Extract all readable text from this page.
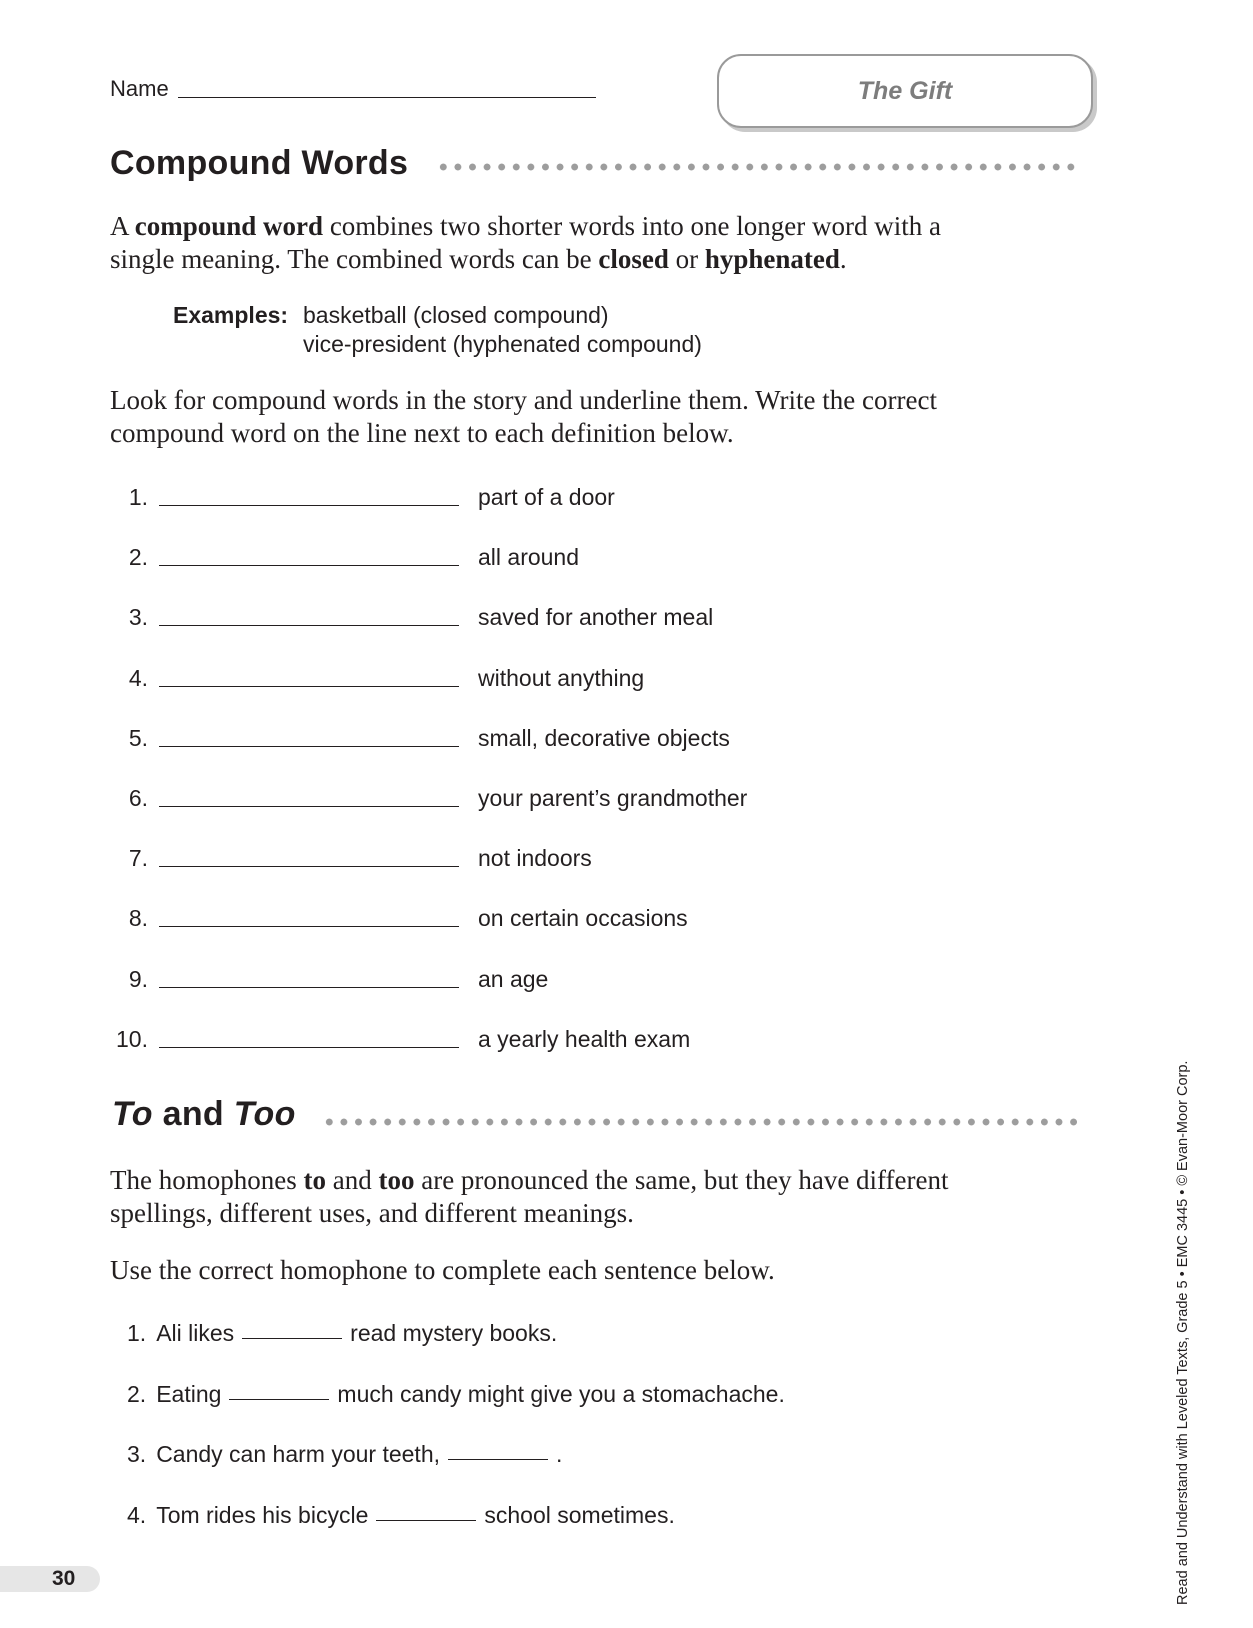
Name	The Gift
Compound Words
A compound word combines two shorter words into one longer word with a single meaning. The combined words can be closed or hyphenated.
Examples: basketball (closed compound)
vice-president (hyphenated compound)
Look for compound words in the story and underline them. Write the correct compound word on the line next to each definition below.
1.	part of a door
2.	all around
3.	saved for another meal
4.	without anything
5.	small, decorative objects
6.	your parent’s grandmother
7.	not indoors
8.	on certain occasions
9.	an age
10.	a yearly health exam
To and Too
The homophones to and too are pronounced the same, but they have different spellings, different uses, and different meanings.
Use the correct homophone to complete each sentence below.
1. Ali likes	read mystery books.
2. Eating	much candy might give you a stomachache.
3. Candy can harm your teeth,	.
4. Tom rides his bicycle	school sometimes.
30	Read and Understand with Leveled Texts, Grade 5 • EMC 3445 • © Evan-Moor Corp.
